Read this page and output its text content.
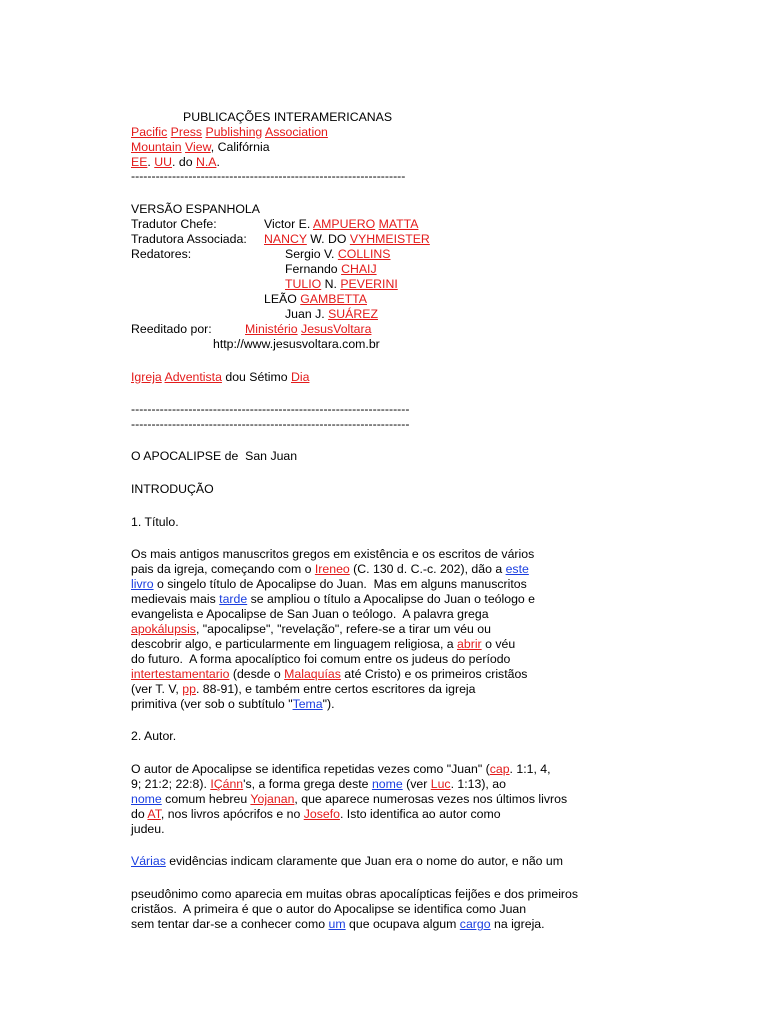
PUBLICAÇÕES INTERAMERICANAS
Pacific Press Publishing Association
Mountain View, Califórnia
EE. UU. do N.A.
-------------------------------------------------------------------
VERSÃO ESPANHOLA
Tradutor Chefe:	Victor E. AMPUERO MATTA
Tradutora Associada: NANCY W. DO VYHMEISTER
Redatores:	Sergio V. COLLINS
Fernando CHAIJ
TULIO N. PEVERINI
LEÃO GAMBETTA
Juan J. SUÁREZ
Reeditado por:	Ministério JesusVoltara
http://www.jesusvoltara.com.br
Igreja Adventista dou Sétimo Dia
--------------------------------------------------------------------
--------------------------------------------------------------------
O APOCALIPSE de  San Juan
INTRODUÇÃO
1. Título.
Os mais antigos manuscritos gregos em existência e os escritos de vários
pais da igreja, começando com o Ireneo (C. 130 d. C.-c. 202), dão a este
livro o singelo título de Apocalipse do Juan.  Mas em alguns manuscritos
medievais mais tarde se ampliou o título a Apocalipse do Juan o teólogo e
evangelista e Apocalipse de San Juan o teólogo.  A palavra grega
apokálupsis, "apocalipse", "revelação", refere-se a tirar um véu ou
descobrir algo, e particularmente em linguagem religiosa, a abrir o véu
do futuro.  A forma apocalíptico foi comum entre os judeus do período
intertestamentario (desde o Malaquías até Cristo) e os primeiros cristãos
(ver T. V, pp. 88-91), e também entre certos escritores da igreja
primitiva (ver sob o subtítulo "Tema").
2. Autor.
O autor de Apocalipse se identifica repetidas vezes como "Juan" (cap. 1:1, 4,
9; 21:2; 22:8). IÇánn's, a forma grega deste nome (ver Luc. 1:13), ao
nome comum hebreu Yojanan, que aparece numerosas vezes nos últimos livros
do AT, nos livros apócrifos e no Josefo. Isto identifica ao autor como
judeu.
Várias evidências indicam claramente que Juan era o nome do autor, e não um
pseudônimo como aparecia em muitas obras apocalípticas feijões e dos primeiros
cristãos.  A primeira é que o autor do Apocalipse se identifica como Juan
sem tentar dar-se a conhecer como um que ocupava algum cargo na igreja.
